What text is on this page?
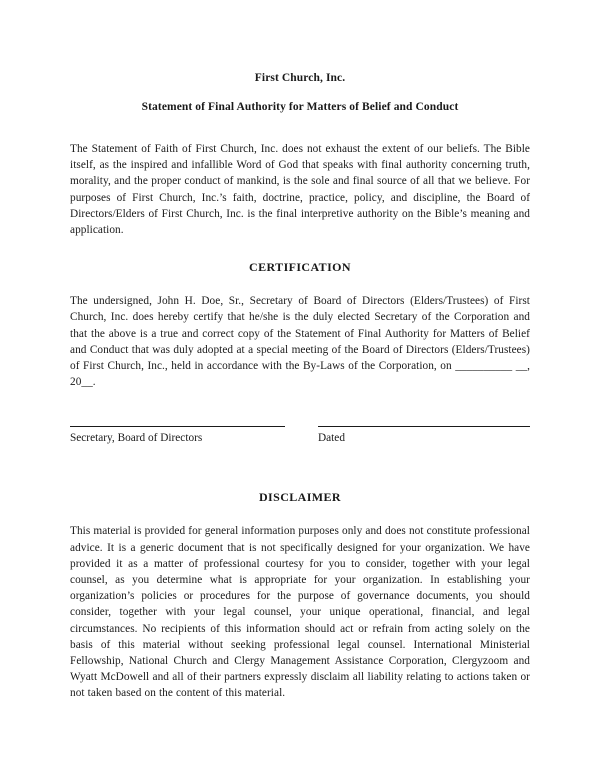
First Church, Inc.
Statement of Final Authority for Matters of Belief and Conduct

The Statement of Faith of First Church, Inc. does not exhaust the extent of our beliefs. The Bible itself, as the inspired and infallible Word of God that speaks with final authority concerning truth, morality, and the proper conduct of mankind, is the sole and final source of all that we believe. For purposes of First Church, Inc.’s faith, doctrine, practice, policy, and discipline, the Board of Directors/Elders of First Church, Inc. is the final interpretive authority on the Bible’s meaning and application.

CERTIFICATION

The undersigned, John H. Doe, Sr., Secretary of Board of Directors (Elders/Trustees) of First Church, Inc. does hereby certify that he/she is the duly elected Secretary of the Corporation and that the above is a true and correct copy of the Statement of Final Authority for Matters of Belief and Conduct that was duly adopted at a special meeting of the Board of Directors (Elders/Trustees) of First Church, Inc., held in accordance with the By-Laws of the Corporation, on __________ __, 20__.

Secretary, Board of Directors	Dated
DISCLAIMER

This material is provided for general information purposes only and does not constitute professional advice. It is a generic document that is not specifically designed for your organization. We have provided it as a matter of professional courtesy for you to consider, together with your legal counsel, as you determine what is appropriate for your organization. In establishing your organization’s policies or procedures for the purpose of governance documents, you should consider, together with your legal counsel, your unique operational, financial, and legal circumstances. No recipients of this information should act or refrain from acting solely on the basis of this material without seeking professional legal counsel. International Ministerial Fellowship, National Church and Clergy Management Assistance Corporation, Clergyzoom and Wyatt McDowell and all of their partners expressly disclaim all liability relating to actions taken or not taken based on the content of this material.
